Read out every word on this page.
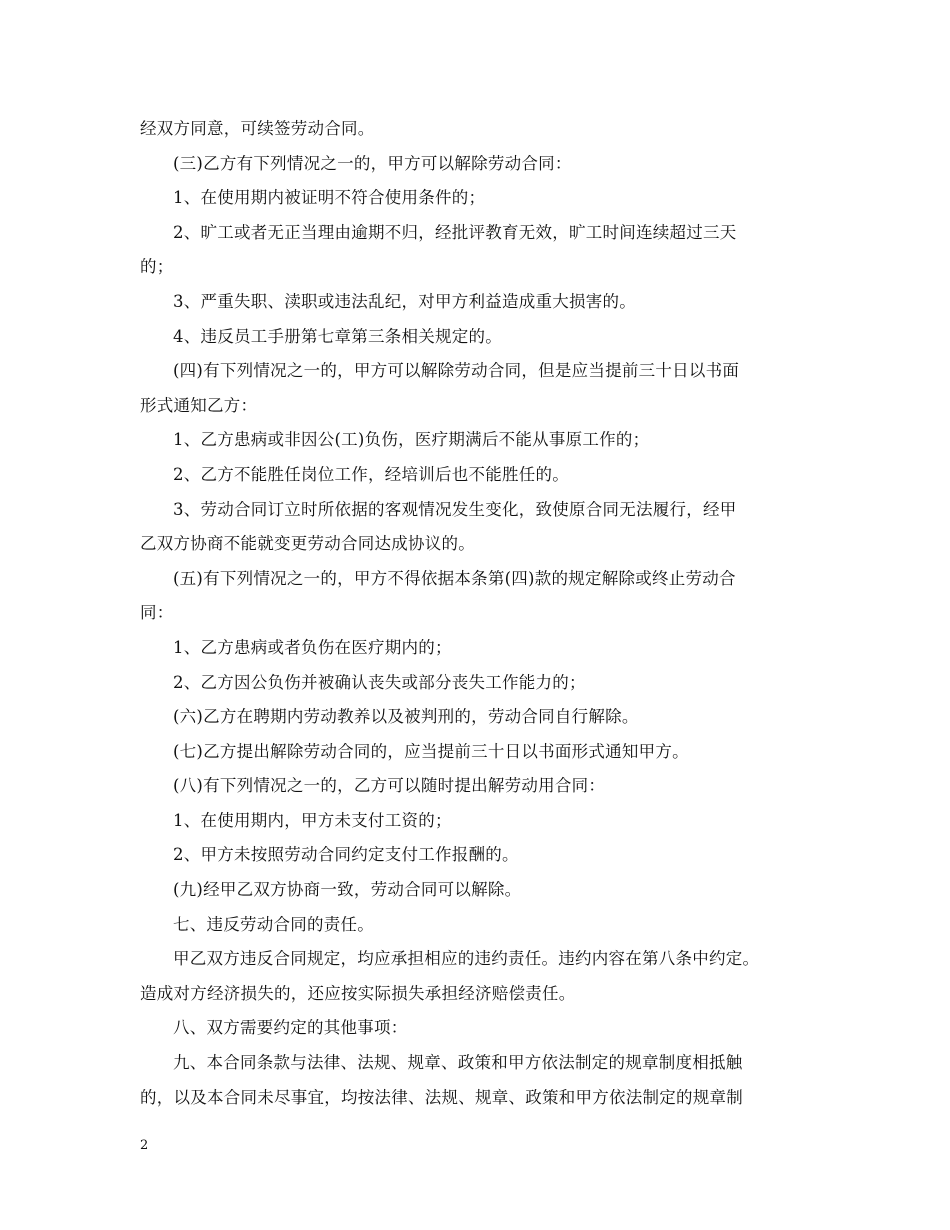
经双方同意，可续签劳动合同。
(三)乙方有下列情况之一的，甲方可以解除劳动合同：
1、在使用期内被证明不符合使用条件的；
2、旷工或者无正当理由逾期不归，经批评教育无效，旷工时间连续超过三天
的；
3、严重失职、渎职或违法乱纪，对甲方利益造成重大损害的。
4、违反员工手册第七章第三条相关规定的。
(四)有下列情况之一的，甲方可以解除劳动合同，但是应当提前三十日以书面
形式通知乙方：
1、乙方患病或非因公(工)负伤，医疗期满后不能从事原工作的；
2、乙方不能胜任岗位工作，经培训后也不能胜任的。
3、劳动合同订立时所依据的客观情况发生变化，致使原合同无法履行，经甲
乙双方协商不能就变更劳动合同达成协议的。
(五)有下列情况之一的，甲方不得依据本条第(四)款的规定解除或终止劳动合
同：
1、乙方患病或者负伤在医疗期内的；
2、乙方因公负伤并被确认丧失或部分丧失工作能力的；
(六)乙方在聘期内劳动教养以及被判刑的，劳动合同自行解除。
(七)乙方提出解除劳动合同的，应当提前三十日以书面形式通知甲方。
(八)有下列情况之一的，乙方可以随时提出解劳动用合同：
1、在使用期内，甲方未支付工资的；
2、甲方未按照劳动合同约定支付工作报酬的。
(九)经甲乙双方协商一致，劳动合同可以解除。
七、违反劳动合同的责任。
甲乙双方违反合同规定，均应承担相应的违约责任。违约内容在第八条中约定。
造成对方经济损失的，还应按实际损失承担经济赔偿责任。
八、双方需要约定的其他事项：
九、本合同条款与法律、法规、规章、政策和甲方依法制定的规章制度相抵触
的，以及本合同未尽事宜，均按法律、法规、规章、政策和甲方依法制定的规章制
2
